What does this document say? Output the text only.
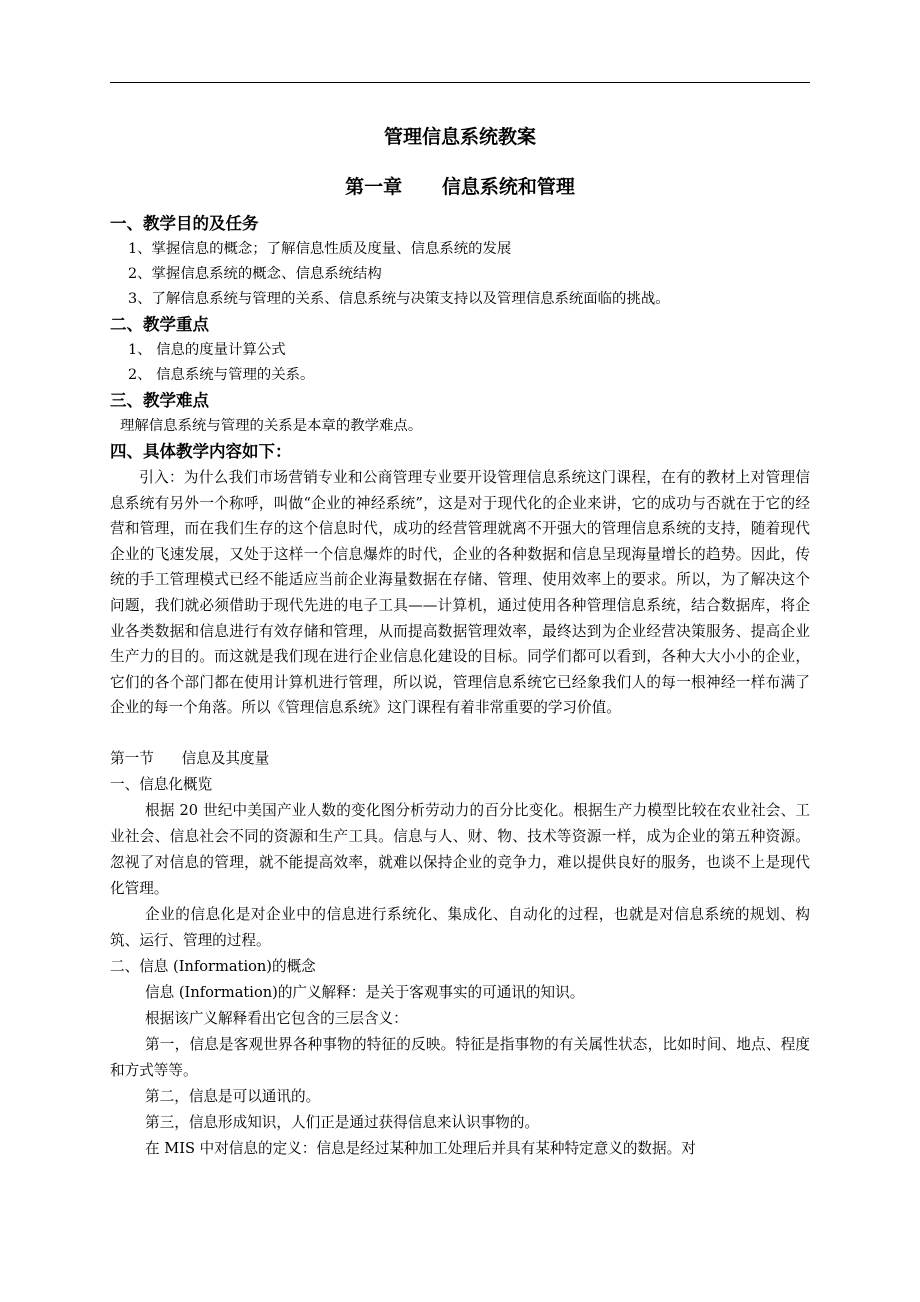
管理信息系统教案
第一章      信息系统和管理

一、教学目的及任务

1、掌握信息的概念；了解信息性质及度量、信息系统的发展

2、掌握信息系统的概念、信息系统结构

3、了解信息系统与管理的关系、信息系统与决策支持以及管理信息系统面临的挑战。

二、教学重点

1、 信息的度量计算公式

2、 信息系统与管理的关系。

三、教学难点

理解信息系统与管理的关系是本章的教学难点。

四、具体教学内容如下：

引入：为什么我们市场营销专业和公商管理专业要开设管理信息系统这门课程，在有的教材上对管理信息系统有另外一个称呼，叫做“企业的神经系统”，这是对于现代化的企业来讲，它的成功与否就在于它的经营和管理，而在我们生存的这个信息时代，成功的经营管理就离不开强大的管理信息系统的支持，随着现代企业的飞速发展，又处于这样一个信息爆炸的时代，企业的各种数据和信息呈现海量增长的趋势。因此，传统的手工管理模式已经不能适应当前企业海量数据在存储、管理、使用效率上的要求。所以，为了解决这个问题，我们就必须借助于现代先进的电子工具——计算机，通过使用各种管理信息系统，结合数据库，将企业各类数据和信息进行有效存储和管理，从而提高数据管理效率，最终达到为企业经营决策服务、提高企业生产力的目的。而这就是我们现在进行企业信息化建设的目标。同学们都可以看到，各种大大小小的企业，它们的各个部门都在使用计算机进行管理，所以说，管理信息系统它已经象我们人的每一根神经一样布满了企业的每一个角落。所以《管理信息系统》这门课程有着非常重要的学习价值。

第一节      信息及其度量

一、信息化概览

根据 20 世纪中美国产业人数的变化图分析劳动力的百分比变化。根据生产力模型比较在农业社会、工业社会、信息社会不同的资源和生产工具。信息与人、财、物、技术等资源一样，成为企业的第五种资源。忽视了对信息的管理，就不能提高效率，就难以保持企业的竞争力，难以提供良好的服务，也谈不上是现代化管理。

企业的信息化是对企业中的信息进行系统化、集成化、自动化的过程，也就是对信息系统的规划、构筑、运行、管理的过程。

二、信息 (Information)的概念

信息 (Information)的广义解释：是关于客观事实的可通讯的知识。

根据该广义解释看出它包含的三层含义：

第一，信息是客观世界各种事物的特征的反映。特征是指事物的有关属性状态，比如时间、地点、程度和方式等等。

第二，信息是可以通讯的。

第三，信息形成知识，人们正是通过获得信息来认识事物的。

在 MIS 中对信息的定义：信息是经过某种加工处理后并具有某种特定意义的数据。对
